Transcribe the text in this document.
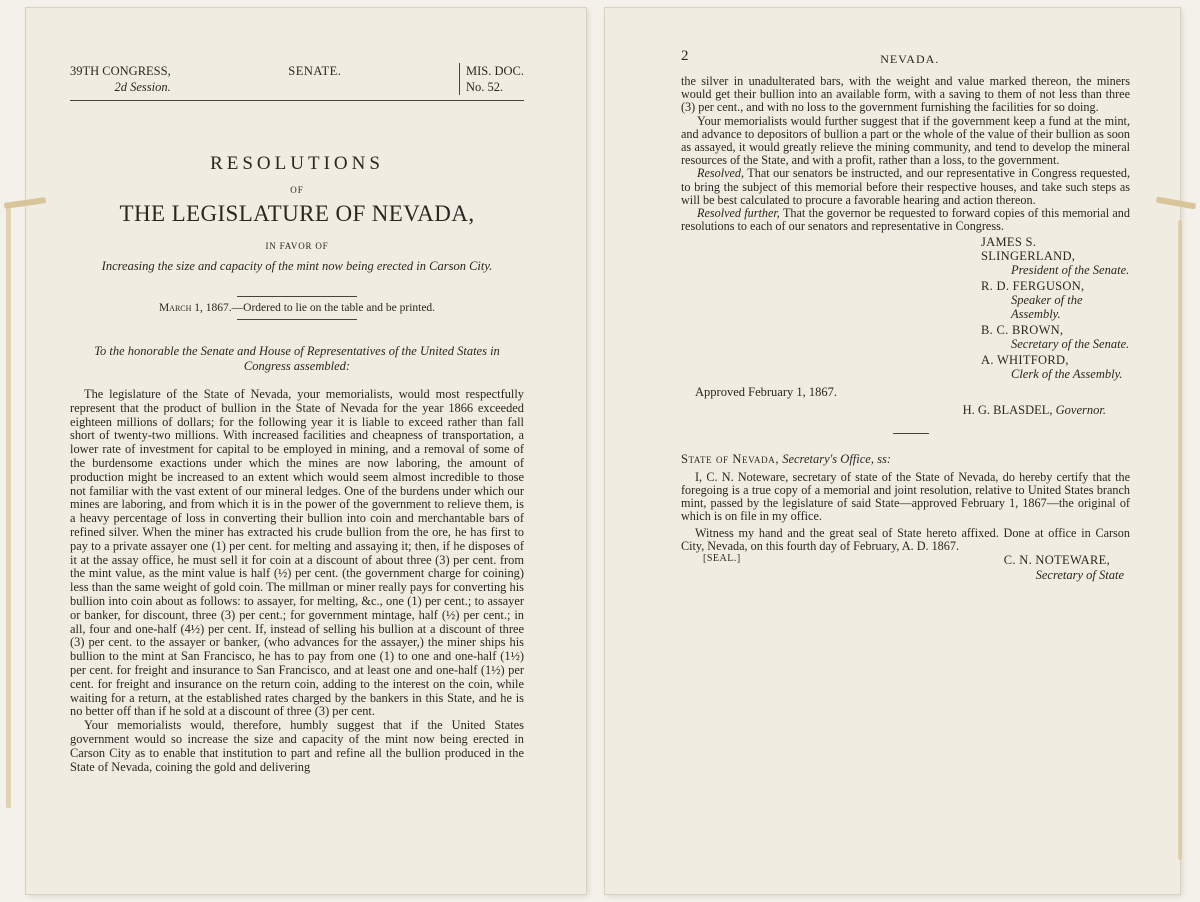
39TH CONGRESS,
2d Session.
SENATE.	MIS. DOC.
No. 52.
RESOLUTIONS
OF
THE LEGISLATURE OF NEVADA,
IN FAVOR OF
Increasing the size and capacity of the mint now being erected in Carson City.
March 1, 1867.—Ordered to lie on the table and be printed.
To the honorable the Senate and House of Representatives of the United States in Congress assembled:

The legislature of the State of Nevada, your memorialists, would most respectfully represent that the product of bullion in the State of Nevada for the year 1866 exceeded eighteen millions of dollars; for the following year it is liable to exceed rather than fall short of twenty-two millions. With increased facilities and cheapness of transportation, a lower rate of investment for capital to be employed in mining, and a removal of some of the burdensome exactions under which the mines are now laboring, the amount of production might be increased to an extent which would seem almost incredible to those not familiar with the vast extent of our mineral ledges. One of the burdens under which our mines are laboring, and from which it is in the power of the government to relieve them, is a heavy percentage of loss in converting their bullion into coin and merchantable bars of refined silver. When the miner has extracted his crude bullion from the ore, he has first to pay to a private assayer one (1) per cent. for melting and assaying it; then, if he disposes of it at the assay office, he must sell it for coin at a discount of about three (3) per cent. from the mint value, as the mint value is half (½) per cent. (the government charge for coining) less than the same weight of gold coin. The millman or miner really pays for converting his bullion into coin about as follows: to assayer, for melting, &c., one (1) per cent.; to assayer or banker, for discount, three (3) per cent.; for government mintage, half (½) per cent.; in all, four and one-half (4½) per cent. If, instead of selling his bullion at a discount of three (3) per cent. to the assayer or banker, (who advances for the assayer,) the miner ships his bullion to the mint at San Francisco, he has to pay from one (1) to one and one-half (1½) per cent. for freight and insurance to San Francisco, and at least one and one-half (1½) per cent. for freight and insurance on the return coin, adding to the interest on the coin, while waiting for a return, at the established rates charged by the bankers in this State, and he is no better off than if he sold at a discount of three (3) per cent.

Your memorialists would, therefore, humbly suggest that if the United States government would so increase the size and capacity of the mint now being erected in Carson City as to enable that institution to part and refine all the bullion produced in the State of Nevada, coining the gold and delivering

2	NEVADA.

the silver in unadulterated bars, with the weight and value marked thereon, the miners would get their bullion into an available form, with a saving to them of not less than three (3) per cent., and with no loss to the government furnishing the facilities for so doing.

Your memorialists would further suggest that if the government keep a fund at the mint, and advance to depositors of bullion a part or the whole of the value of their bullion as soon as assayed, it would greatly relieve the mining community, and tend to develop the mineral resources of the State, and with a profit, rather than a loss, to the government.

Resolved, That our senators be instructed, and our representative in Congress requested, to bring the subject of this memorial before their respective houses, and take such steps as will be best calculated to procure a favorable hearing and action thereon.

Resolved further, That the governor be requested to forward copies of this memorial and resolutions to each of our senators and representative in Congress.

JAMES S. SLINGERLAND,
President of the Senate.
R. D. FERGUSON,
Speaker of the Assembly.
B. C. BROWN,
Secretary of the Senate.
A. WHITFORD,
Clerk of the Assembly.
Approved February 1, 1867.
H. G. BLASDEL, Governor.
State of Nevada, Secretary's Office, ss:

I, C. N. Noteware, secretary of state of the State of Nevada, do hereby certify that the foregoing is a true copy of a memorial and joint resolution, relative to United States branch mint, passed by the legislature of said State—approved February 1, 1867—the original of which is on file in my office.

Witness my hand and the great seal of State hereto affixed. Done at office in Carson City, Nevada, on this fourth day of February, A. D. 1867.

[SEAL.]	C. N. NOTEWARE,
Secretary of State
